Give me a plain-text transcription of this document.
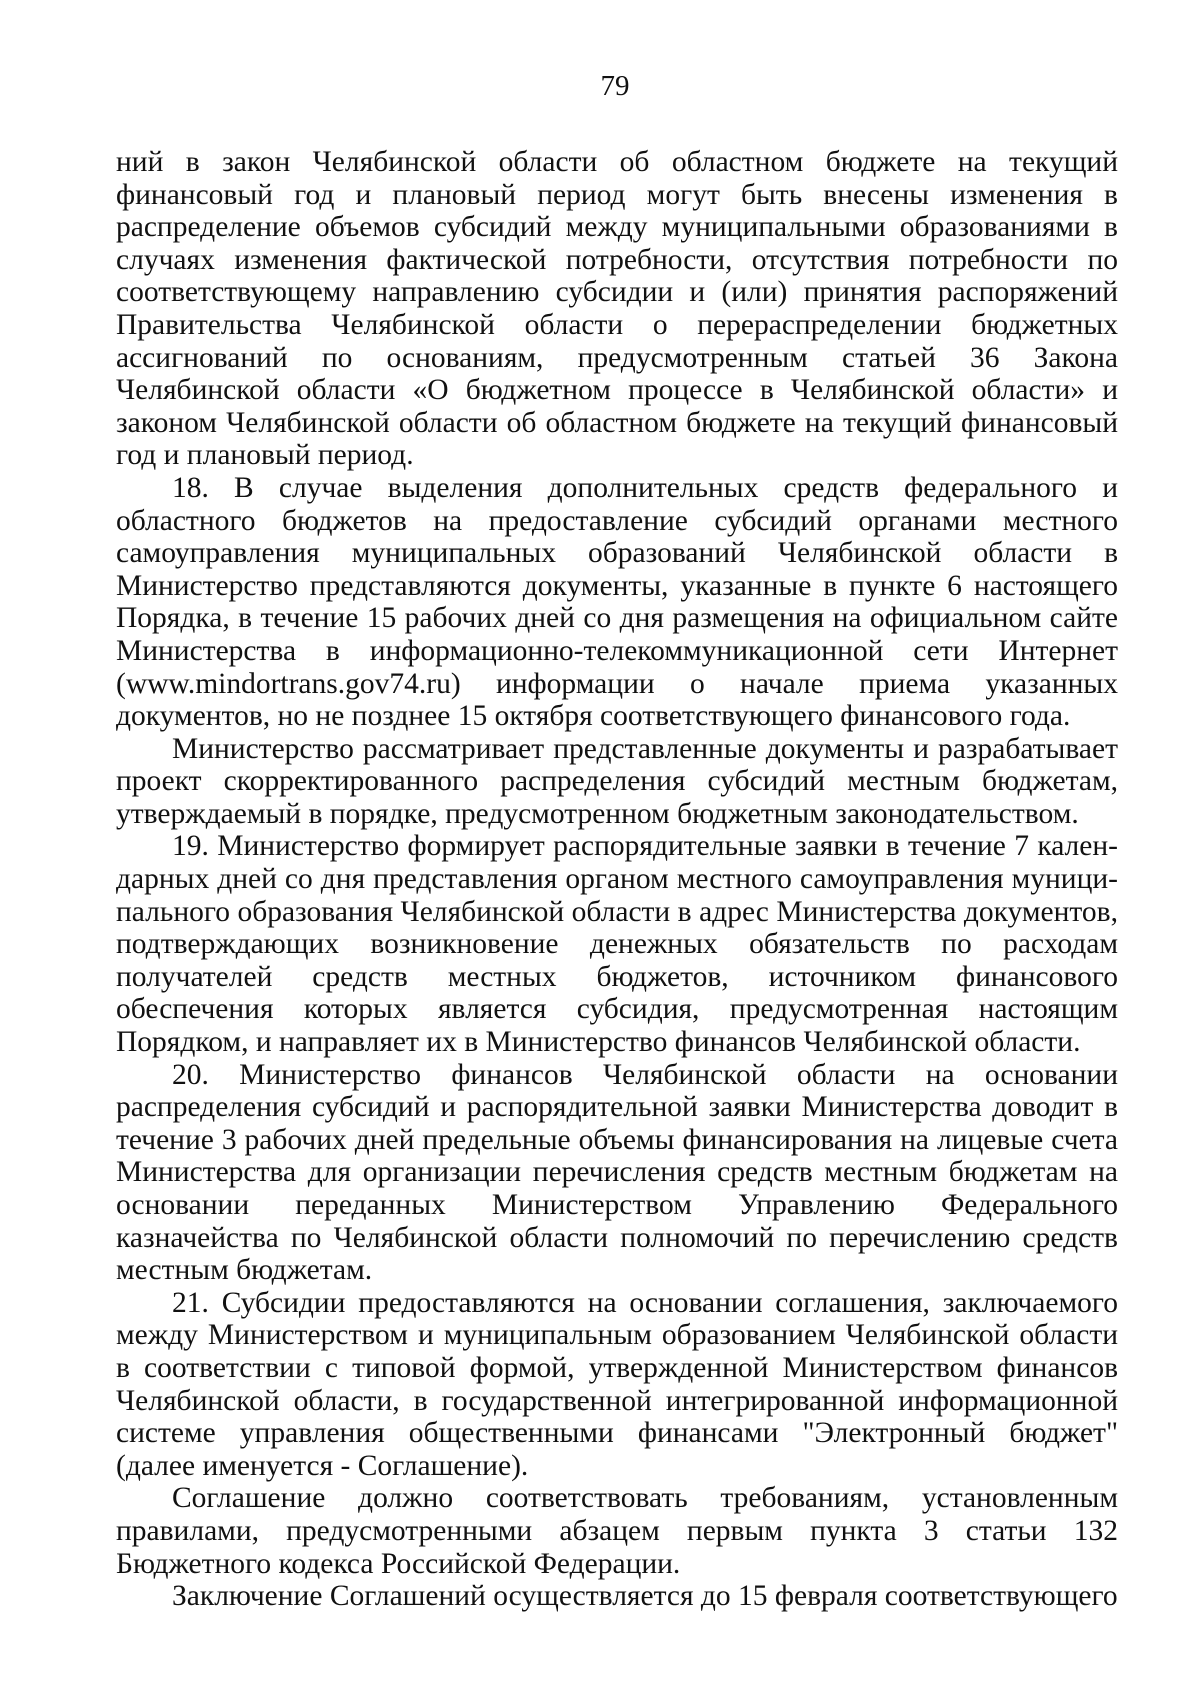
79

ний в закон Челябинской области об областном бюджете на текущий финансовый год и плановый период могут быть внесены изменения в распределение объемов субсидий между муниципальными образованиями в случаях изменения фактической потребности, отсутствия потребности по соответствующему направлению субсидии и (или) принятия распоряжений Правительства Челябинской области о перераспределении бюджетных ассигнований по основаниям, предусмотренным статьей 36 Закона Челябинской области «О бюджетном процессе в Челябинской области» и законом Челябинской области об областном бюджете на текущий финансовый год и плановый период.

18. В случае выделения дополнительных средств федерального и областного бюджетов на предоставление субсидий органами местного самоуправления муниципальных образований Челябинской области в Министерство представляются документы, указанные в пункте 6 настоящего Порядка, в течение 15 рабочих дней со дня размещения на официальном сайте Министерства в информационно-телекоммуникационной сети Интернет (www.mindortrans.gov74.ru) информации о начале приема указанных документов, но не позднее 15 октября соответствующего финансового года.

Министерство рассматривает представленные документы и разрабатывает проект скорректированного распределения субсидий местным бюджетам, утверждаемый в порядке, предусмотренном бюджетным законодательством.

19. Министерство формирует распорядительные заявки в течение 7 календарных дней со дня представления органом местного самоуправления муниципального образования Челябинской области в адрес Министерства документов, подтверждающих возникновение денежных обязательств по расходам получателей средств местных бюджетов, источником финансового обеспечения которых является субсидия, предусмотренная настоящим Порядком, и направляет их в Министерство финансов Челябинской области.

20. Министерство финансов Челябинской области на основании распределения субсидий и распорядительной заявки Министерства доводит в течение 3 рабочих дней предельные объемы финансирования на лицевые счета Министерства для организации перечисления средств местным бюджетам на основании переданных Министерством Управлению Федерального казначейства по Челябинской области полномочий по перечислению средств местным бюджетам.

21. Субсидии предоставляются на основании соглашения, заключаемого между Министерством и муниципальным образованием Челябинской области в соответствии с типовой формой, утвержденной Министерством финансов Челябинской области, в государственной интегрированной информационной системе управления общественными финансами "Электронный бюджет" (далее именуется - Соглашение).

Соглашение должно соответствовать требованиям, установленным правилами, предусмотренными абзацем первым пункта 3 статьи 132 Бюджетного кодекса Российской Федерации.

Заключение Соглашений осуществляется до 15 февраля соответствующего
